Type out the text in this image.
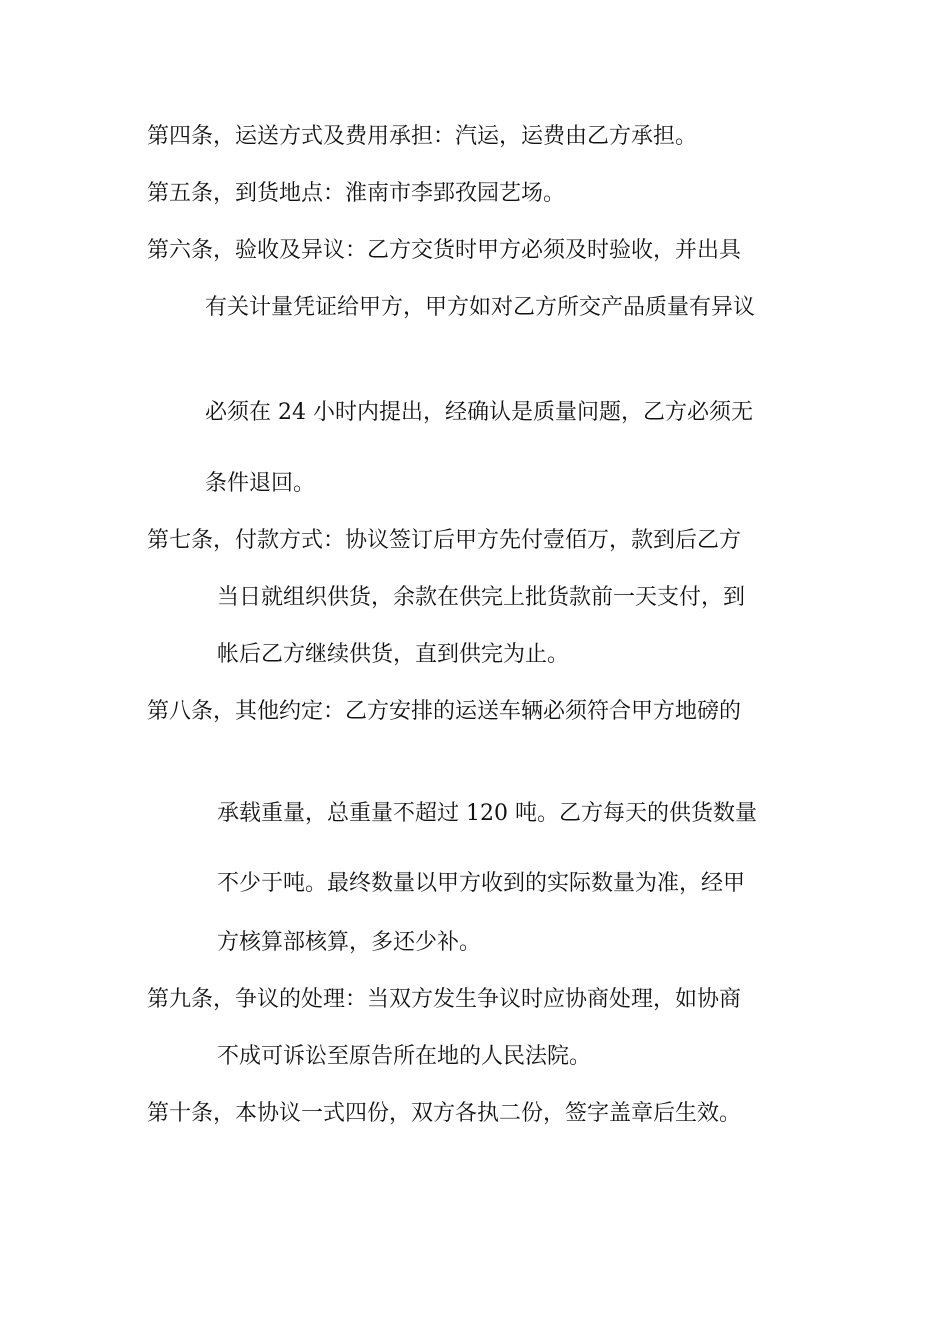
第四条，运送方式及费用承担：汽运，运费由乙方承担。
第五条，到货地点：淮南市李郢孜园艺场。
第六条，验收及异议：乙方交货时甲方必须及时验收，并出具
有关计量凭证给甲方，甲方如对乙方所交产品质量有异议
必须在 24 小时内提出，经确认是质量问题，乙方必须无
条件退回。
第七条，付款方式：协议签订后甲方先付壹佰万，款到后乙方
当日就组织供货，余款在供完上批货款前一天支付，到
帐后乙方继续供货，直到供完为止。
第八条，其他约定：乙方安排的运送车辆必须符合甲方地磅的
承载重量，总重量不超过 120 吨。乙方每天的供货数量
不少于吨。最终数量以甲方收到的实际数量为准，经甲
方核算部核算，多还少补。
第九条，争议的处理：当双方发生争议时应协商处理，如协商
不成可诉讼至原告所在地的人民法院。
第十条，本协议一式四份，双方各执二份，签字盖章后生效。
